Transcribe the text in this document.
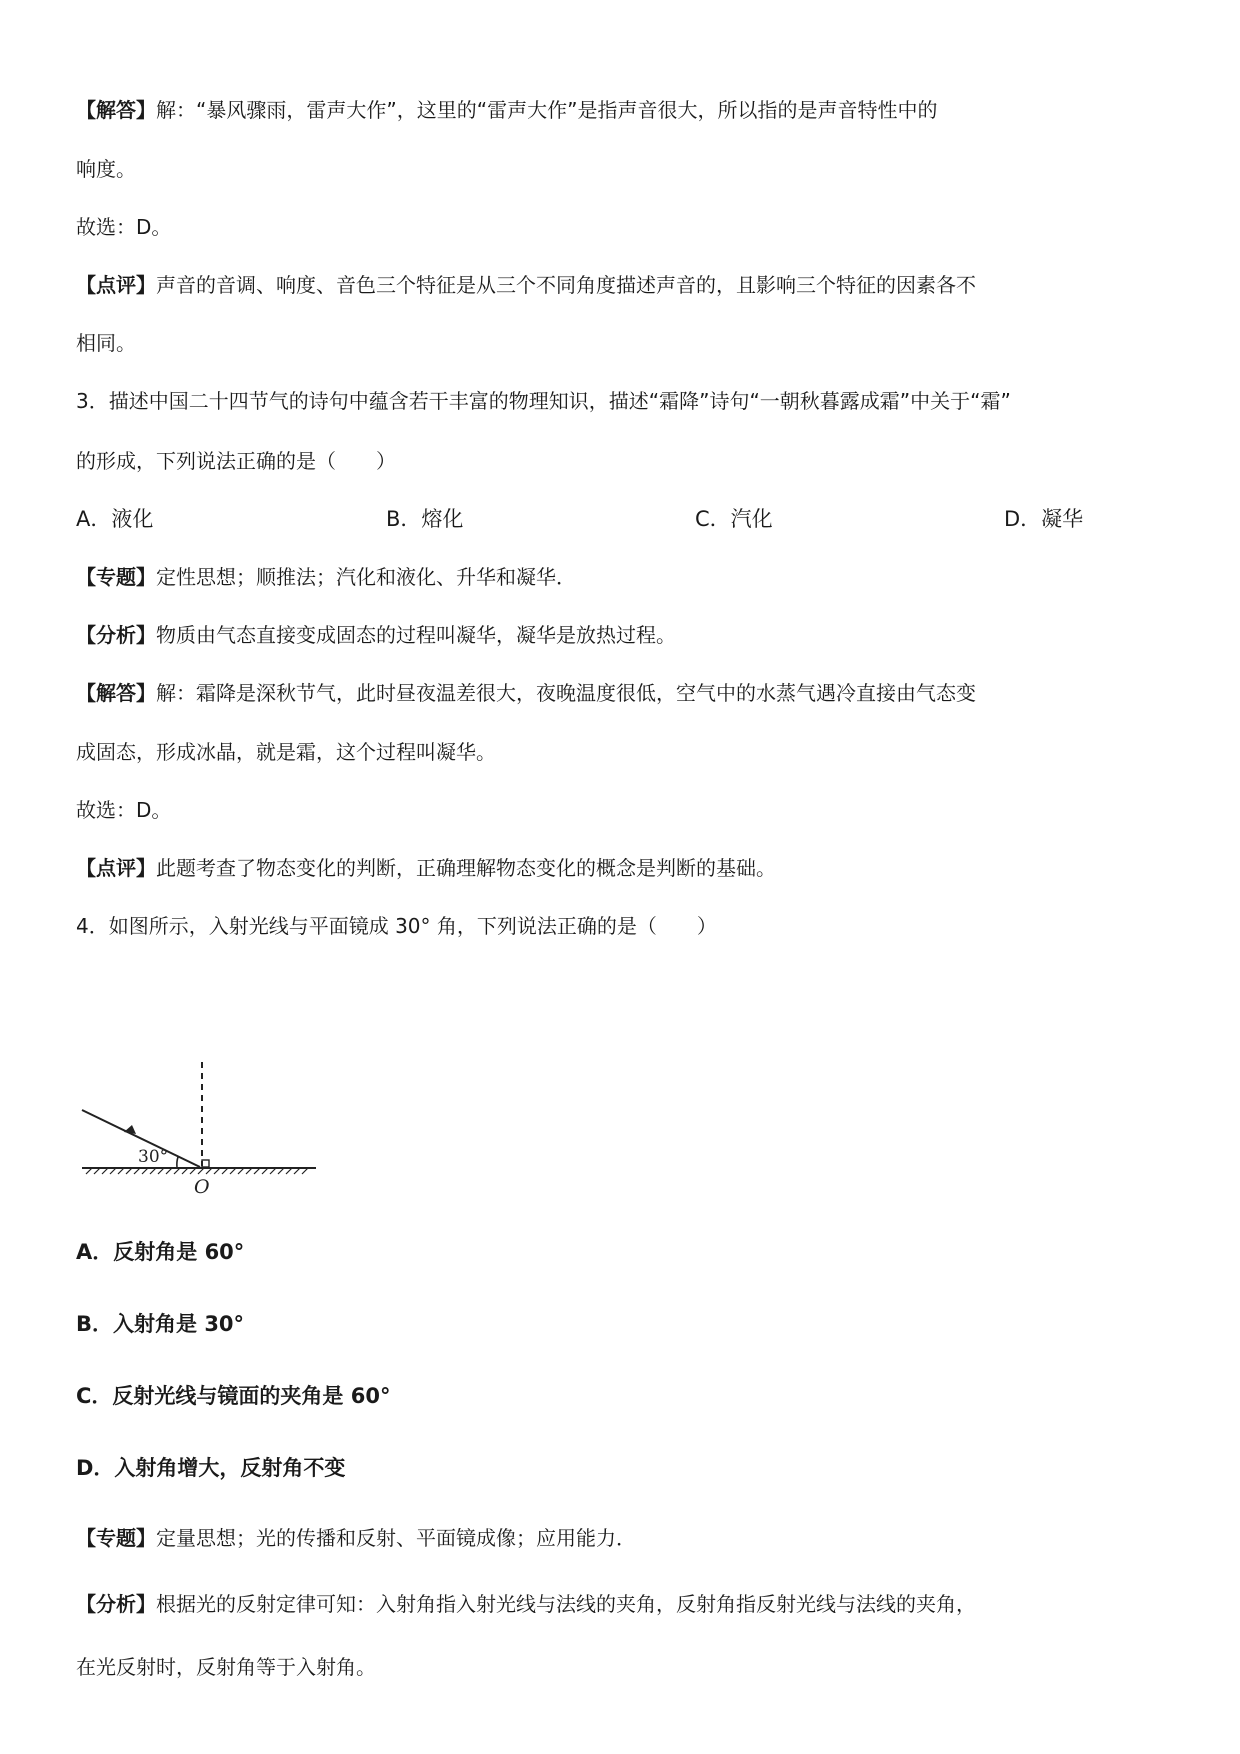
【解答】解：“暴风骤雨，雷声大作”，这里的“雷声大作”是指声音很大，所以指的是声音特性中的
响度。
故选：D。
【点评】声音的音调、响度、音色三个特征是从三个不同角度描述声音的，且影响三个特征的因素各不
相同。
3．描述中国二十四节气的诗句中蕴含若干丰富的物理知识，描述“霜降”诗句“一朝秋暮露成霜”中关于“霜”
的形成，下列说法正确的是（　　）
A．液化	B．熔化	C．汽化	D．凝华
【专题】定性思想；顺推法；汽化和液化、升华和凝华．
【分析】物质由气态直接变成固态的过程叫凝华，凝华是放热过程。
【解答】解：霜降是深秋节气，此时昼夜温差很大，夜晚温度很低，空气中的水蒸气遇冷直接由气态变
成固态，形成冰晶，就是霜，这个过程叫凝华。
故选：D。
【点评】此题考查了物态变化的判断，正确理解物态变化的概念是判断的基础。
4．如图所示，入射光线与平面镜成 30° 角，下列说法正确的是（　　）
30°
O
A．反射角是 60°
B．入射角是 30°
C．反射光线与镜面的夹角是 60°
D．入射角增大，反射角不变
【专题】定量思想；光的传播和反射、平面镜成像；应用能力．
【分析】根据光的反射定律可知：入射角指入射光线与法线的夹角，反射角指反射光线与法线的夹角，
在光反射时，反射角等于入射角。
